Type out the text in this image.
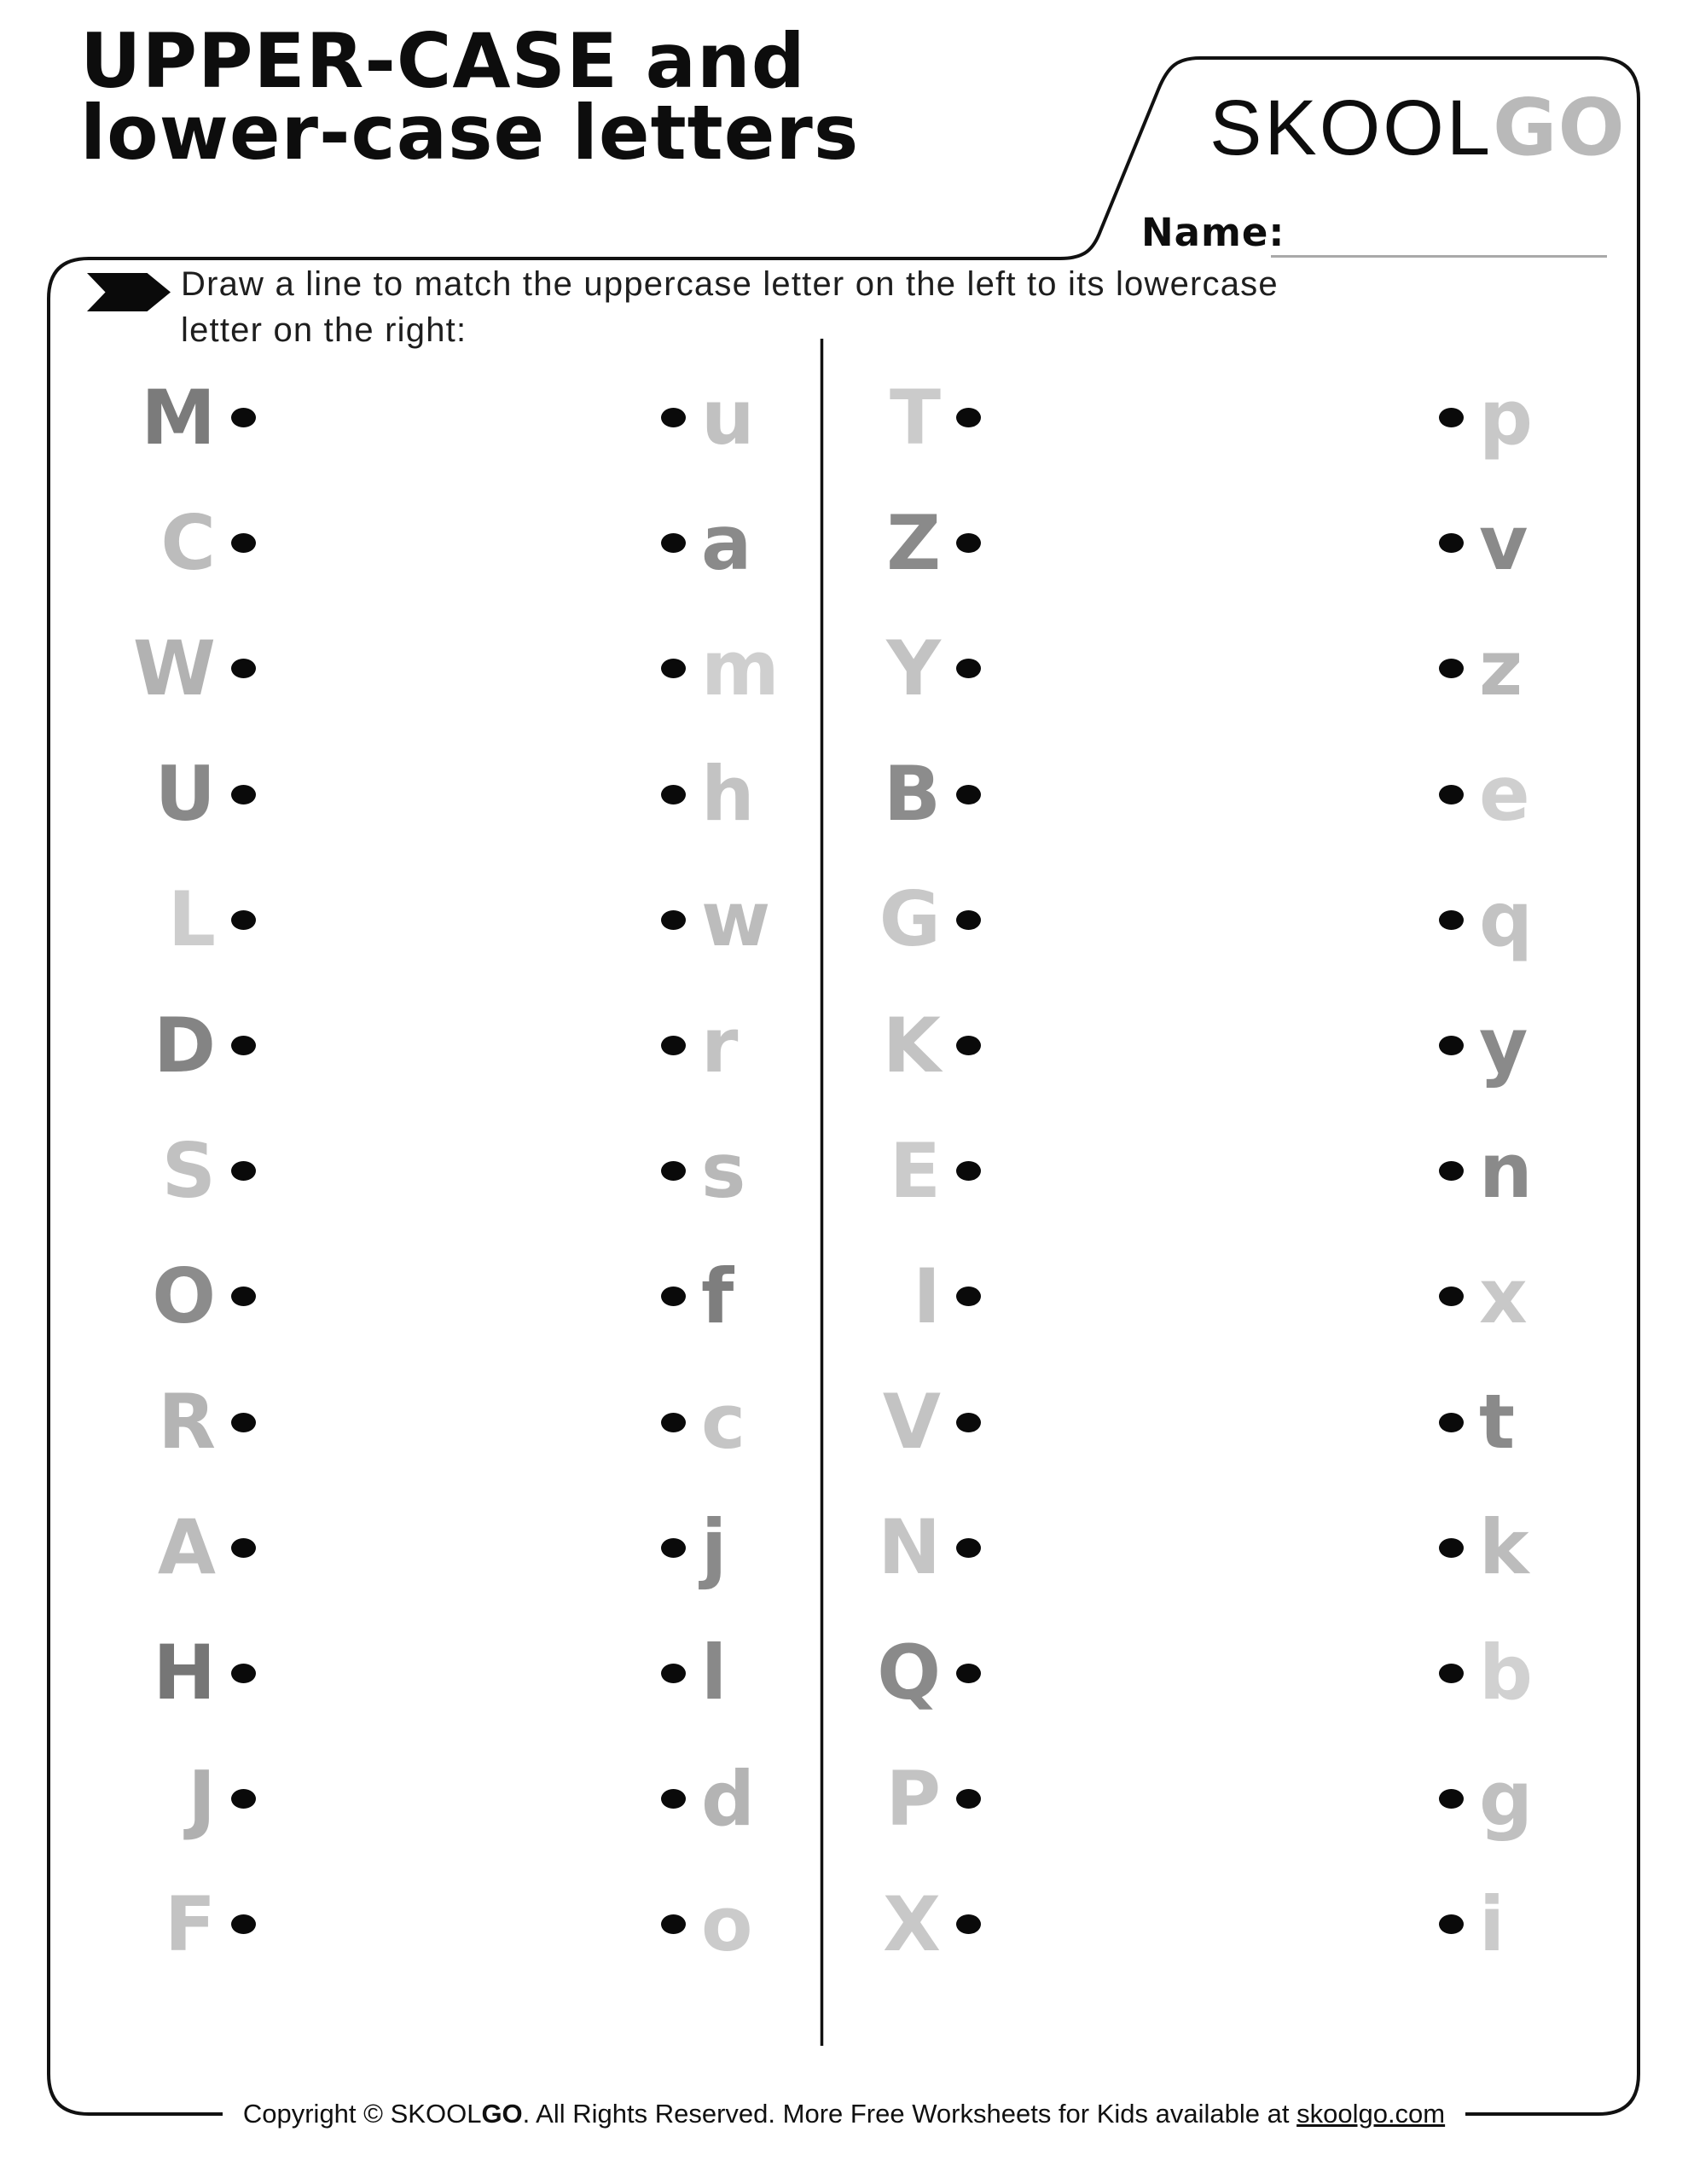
UPPER-CASE and
lower-case letters	SKOOLGO
Name:
Draw a line to match the uppercase letter on the left to its lowercase
letter on the right:
M
C
W
U
L
D
S
O
R
A
H
J
F
u
a
m
h
w
r
s
f
c
j
l
d
o
T
Z
Y
B
G
K
E
I
V
N
Q
P
X
p
v
z
e
q
y
n
x
t
k
b
g
i
Copyright © SKOOLGO. All Rights Reserved. More Free Worksheets for Kids available at skoolgo.com
